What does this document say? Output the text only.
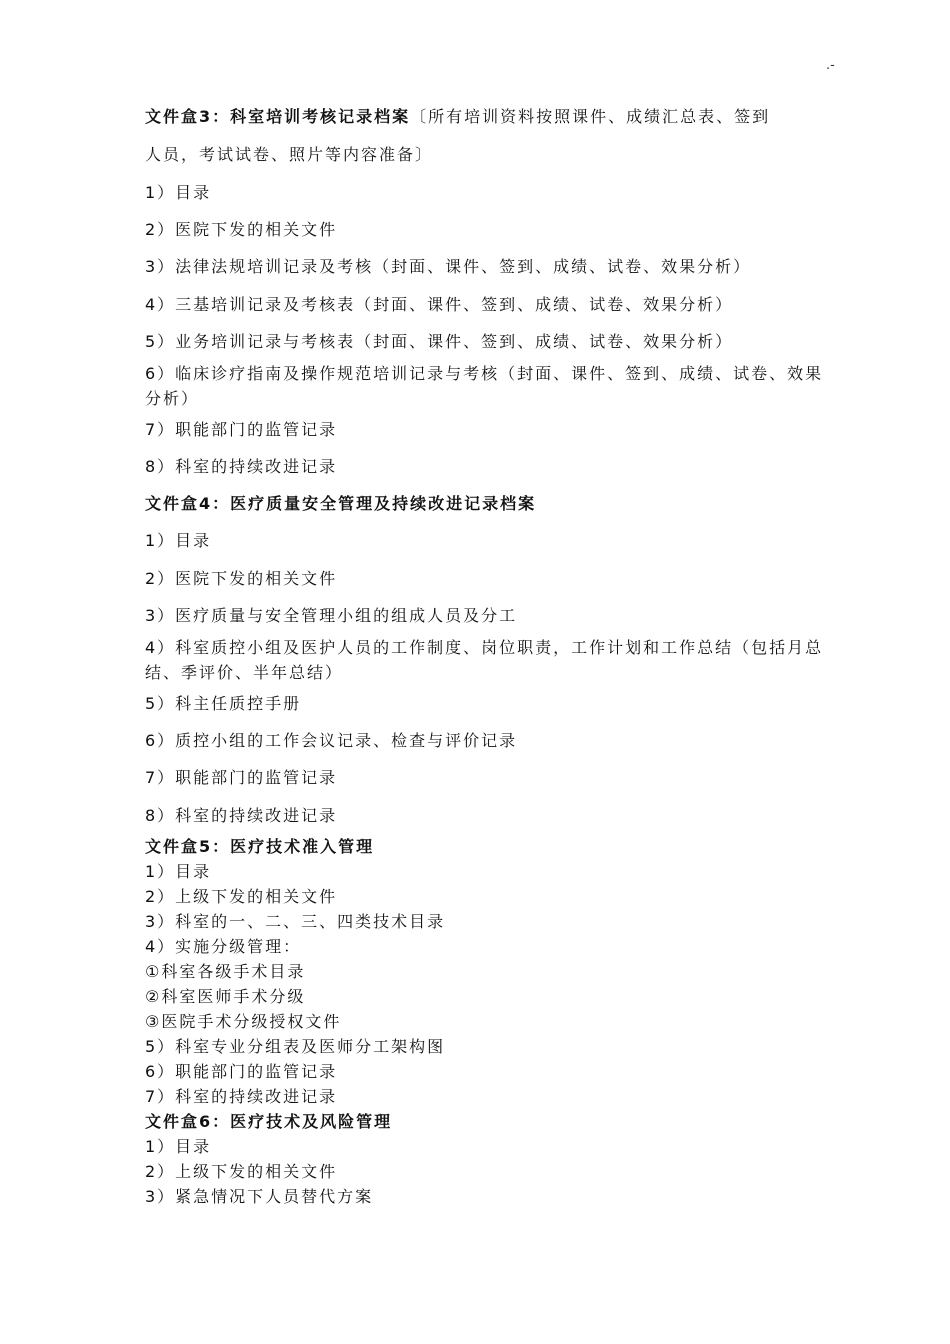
.-
文件盒3：科室培训考核记录档案〔所有培训资料按照课件、成绩汇总表、签到
人员，考试试卷、照片等内容准备〕
1）目录
2）医院下发的相关文件
3）法律法规培训记录及考核（封面、课件、签到、成绩、试卷、效果分析）
4）三基培训记录及考核表（封面、课件、签到、成绩、试卷、效果分析）
5）业务培训记录与考核表（封面、课件、签到、成绩、试卷、效果分析）
6）临床诊疗指南及操作规范培训记录与考核（封面、课件、签到、成绩、试卷、效果分析）
7）职能部门的监管记录
8）科室的持续改进记录
文件盒4：医疗质量安全管理及持续改进记录档案
1）目录
2）医院下发的相关文件
3）医疗质量与安全管理小组的组成人员及分工
4）科室质控小组及医护人员的工作制度、岗位职责，工作计划和工作总结（包括月总结、季评价、半年总结）
5）科主任质控手册
6）质控小组的工作会议记录、检查与评价记录
7）职能部门的监管记录
8）科室的持续改进记录
文件盒5：医疗技术准入管理
1）目录
2）上级下发的相关文件
3）科室的一、二、三、四类技术目录
4）实施分级管理：
①科室各级手术目录
②科室医师手术分级
③医院手术分级授权文件
5）科室专业分组表及医师分工架构图
6）职能部门的监管记录
7）科室的持续改进记录
文件盒6：医疗技术及风险管理
1）目录
2）上级下发的相关文件
3）紧急情况下人员替代方案
